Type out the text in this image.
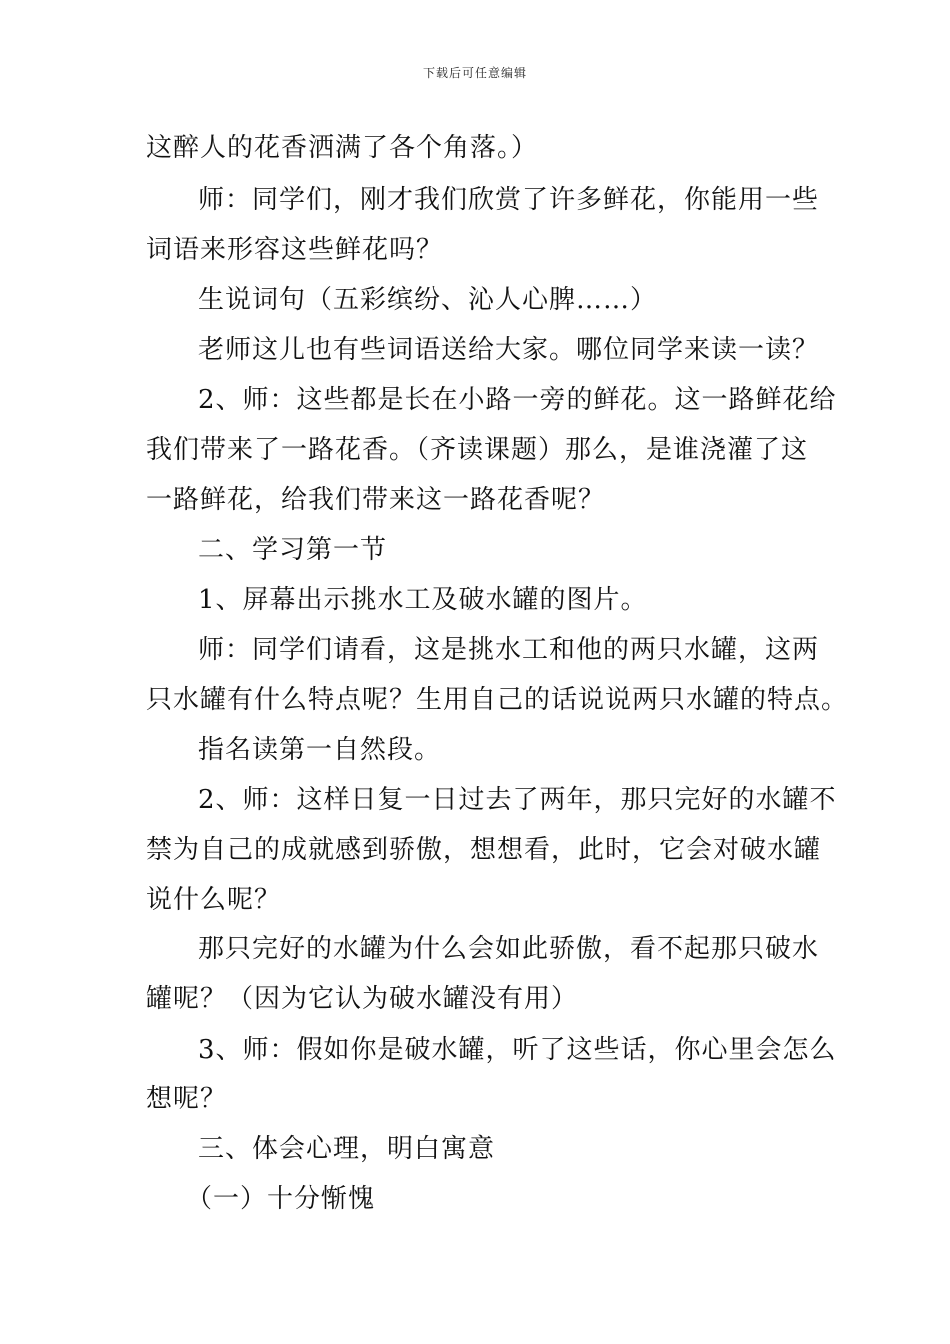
下载后可任意编辑
这醉人的花香洒满了各个角落。）
师：同学们，刚才我们欣赏了许多鲜花，你能用一些
词语来形容这些鲜花吗？
生说词句（五彩缤纷、沁人心脾……）
老师这儿也有些词语送给大家。哪位同学来读一读？
2、师：这些都是长在小路一旁的鲜花。这一路鲜花给
我们带来了一路花香。（齐读课题）那么，是谁浇灌了这
一路鲜花，给我们带来这一路花香呢？
二、学习第一节
1、屏幕出示挑水工及破水罐的图片。
师：同学们请看，这是挑水工和他的两只水罐，这两
只水罐有什么特点呢？生用自己的话说说两只水罐的特点。
指名读第一自然段。
2、师：这样日复一日过去了两年，那只完好的水罐不
禁为自己的成就感到骄傲，想想看，此时，它会对破水罐
说什么呢？
那只完好的水罐为什么会如此骄傲，看不起那只破水
罐呢？（因为它认为破水罐没有用）
3、师：假如你是破水罐，听了这些话，你心里会怎么
想呢？
三、体会心理，明白寓意
（一）十分惭愧
